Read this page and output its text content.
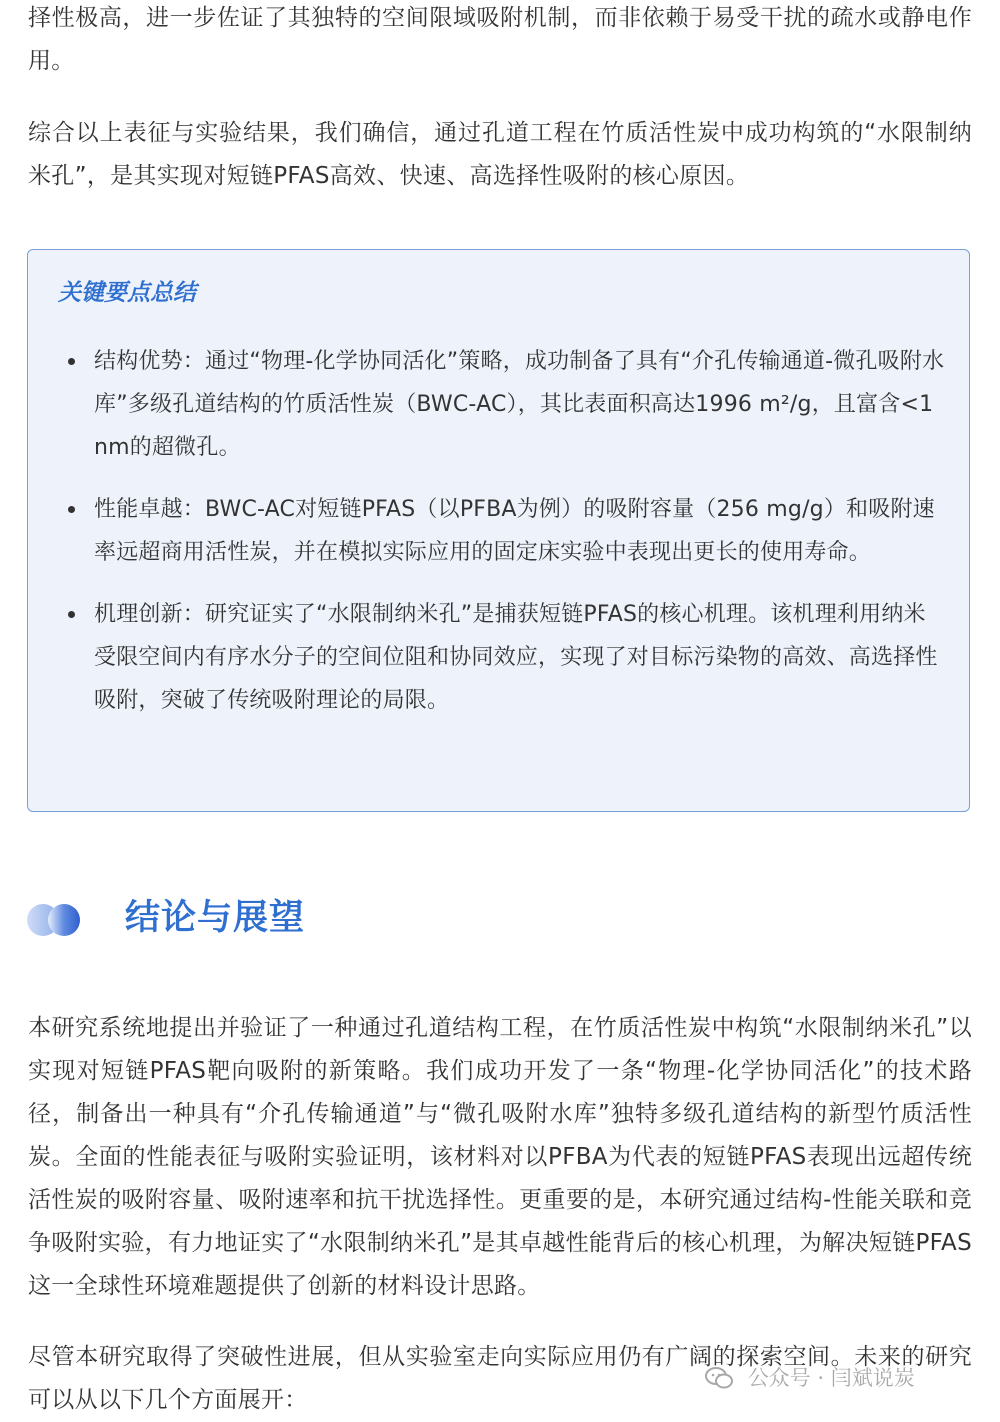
择性极高，进一步佐证了其独特的空间限域吸附机制，而非依赖于易受干扰的疏水或静电作用。

综合以上表征与实验结果，我们确信，通过孔道工程在竹质活性炭中成功构筑的“水限制纳米孔”，是其实现对短链PFAS高效、快速、高选择性吸附的核心原因。

关键要点总结
结构优势：通过“物理-化学协同活化”策略，成功制备了具有“介孔传输通道-微孔吸附水库”多级孔道结构的竹质活性炭（BWC-AC），其比表面积高达1996 m²/g，且富含<1 nm的超微孔。
性能卓越：BWC-AC对短链PFAS（以PFBA为例）的吸附容量（256 mg/g）和吸附速率远超商用活性炭，并在模拟实际应用的固定床实验中表现出更长的使用寿命。
机理创新：研究证实了“水限制纳米孔”是捕获短链PFAS的核心机理。该机理利用纳米受限空间内有序水分子的空间位阻和协同效应，实现了对目标污染物的高效、高选择性吸附，突破了传统吸附理论的局限。
结论与展望

本研究系统地提出并验证了一种通过孔道结构工程，在竹质活性炭中构筑“水限制纳米孔”以实现对短链PFAS靶向吸附的新策略。我们成功开发了一条“物理-化学协同活化”的技术路径，制备出一种具有“介孔传输通道”与“微孔吸附水库”独特多级孔道结构的新型竹质活性炭。全面的性能表征与吸附实验证明，该材料对以PFBA为代表的短链PFAS表现出远超传统活性炭的吸附容量、吸附速率和抗干扰选择性。更重要的是，本研究通过结构-性能关联和竞争吸附实验，有力地证实了“水限制纳米孔”是其卓越性能背后的核心机理，为解决短链PFAS这一全球性环境难题提供了创新的材料设计思路。

尽管本研究取得了突破性进展，但从实验室走向实际应用仍有广阔的探索空间。未来的研究可以从以下几个方面展开：

公众号 · 闫斌说炭
